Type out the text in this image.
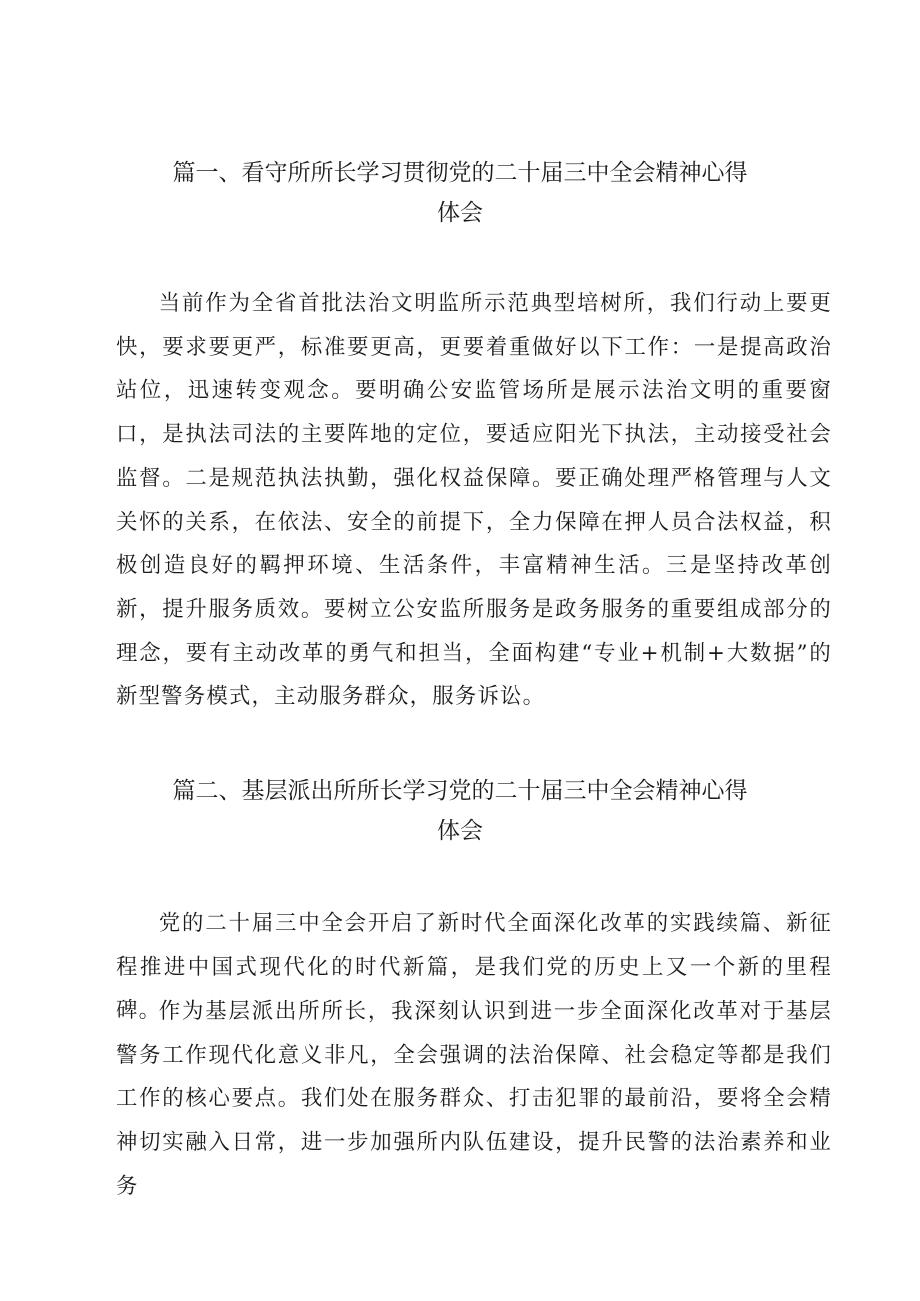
篇一、看守所所长学习贯彻党的二十届三中全会精神心得
体会

当前作为全省首批法治文明监所示范典型培树所，我们行动上要更快，要求要更严，标准要更高，更要着重做好以下工作：一是提高政治站位，迅速转变观念。要明确公安监管场所是展示法治文明的重要窗口，是执法司法的主要阵地的定位，要适应阳光下执法，主动接受社会监督。二是规范执法执勤，强化权益保障。要正确处理严格管理与人文关怀的关系，在依法、安全的前提下，全力保障在押人员合法权益，积极创造良好的羁押环境、生活条件，丰富精神生活。三是坚持改革创新，提升服务质效。要树立公安监所服务是政务服务的重要组成部分的理念，要有主动改革的勇气和担当，全面构建“专业+机制+大数据”的新型警务模式，主动服务群众，服务诉讼。

篇二、基层派出所所长学习党的二十届三中全会精神心得
体会

党的二十届三中全会开启了新时代全面深化改革的实践续篇、新征程推进中国式现代化的时代新篇，是我们党的历史上又一个新的里程碑。

作为基层派出所所长，我深刻认识到进一步全面深化改革对于基层警务工作现代化意义非凡，全会强调的法治保障、社会稳定等都是我们工作的核心要点。我们处在服务群众、打击犯罪的最前沿，要将全会精神切实融入日常，进一步加强所内队伍建设，提升民警的法治素养和业务
